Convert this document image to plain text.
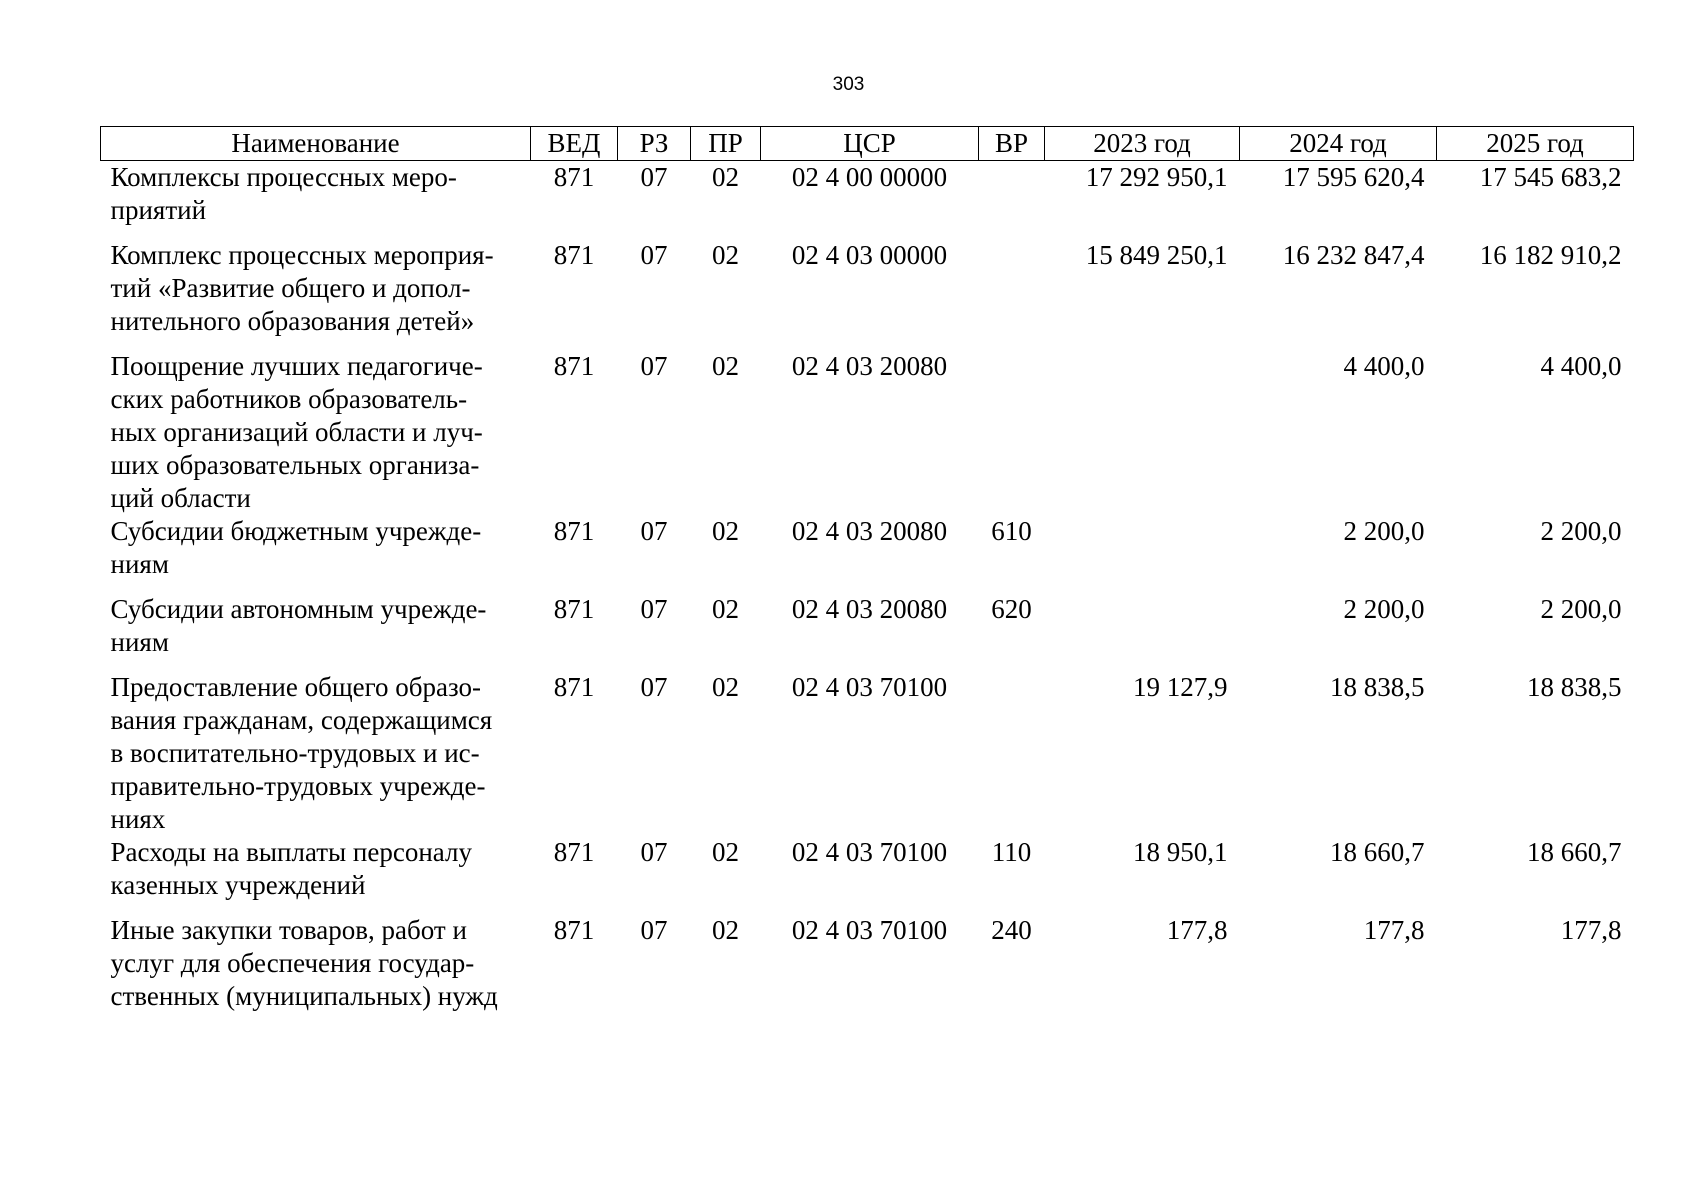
303
Наименование	ВЕД	РЗ	ПР	ЦСР	ВР	2023 год	2024 год	2025 год

Комплексы процессных меро-
приятий	871	07	02	02 4 00 00000		17 292 950,1	17 595 620,4	17 545 683,2

Комплекс процессных мероприя-
тий «Развитие общего и допол-
нительного образования детей»	871	07	02	02 4 03 00000		15 849 250,1	16 232 847,4	16 182 910,2

Поощрение лучших педагогиче-
ских работников образователь-
ных организаций области и луч-
ших образовательных организа-
ций области	871	07	02	02 4 03 20080			4 400,0	4 400,0

Субсидии бюджетным учрежде-
ниям	871	07	02	02 4 03 20080	610		2 200,0	2 200,0

Субсидии автономным учрежде-
ниям	871	07	02	02 4 03 20080	620		2 200,0	2 200,0

Предоставление общего образо-
вания гражданам, содержащимся
в воспитательно-трудовых и ис-
правительно-трудовых учрежде-
ниях	871	07	02	02 4 03 70100		19 127,9	18 838,5	18 838,5

Расходы на выплаты персоналу
казенных учреждений	871	07	02	02 4 03 70100	110	18 950,1	18 660,7	18 660,7

Иные закупки товаров, работ и
услуг для обеспечения государ-
ственных (муниципальных) нужд	871	07	02	02 4 03 70100	240	177,8	177,8	177,8
